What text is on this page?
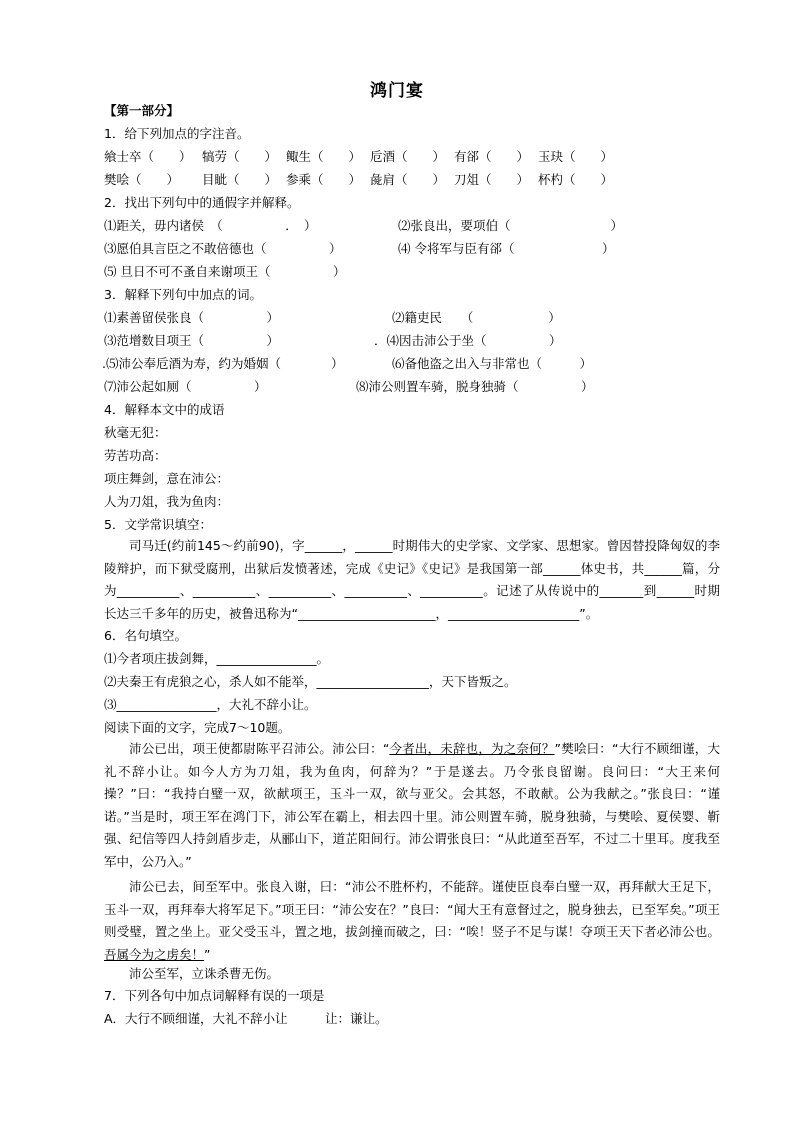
鸿门宴
【第一部分】
1．给下列加点的字注音。
飨士卒（　　） 犒劳（　　） 鲰生（　　） 卮酒（　　） 有郤（　　） 玉玦（　　）
樊哙（　　） 目眦（　　） 参乘（　　） 彘肩（　　） 刀俎（　　） 杯杓（　　）
2．找出下列句中的通假字并解释。
⑴距关，毋内诸侯　（　　　　　．　）	⑵张良出，要项伯（　　　　　　　　）
⑶愿伯具言臣之不敢倍德也（　　　　　）	⑷ 令将军与臣有郤（　　　　　　　）
⑸ 旦日不可不蚤自来谢项王（　　　　　）
3．解释下列句中加点的词。
⑴素善留侯张良（　　　　　）	⑵籍吏民　　（　　　　　　）
⑶范增数目项王（　　　　　）	．⑷因击沛公于坐（　　　　　）
.⑸沛公奉卮酒为寿，约为婚姻（　　　　）	⑹备他盗之出入与非常也（　　　）
⑺沛公起如厕（　　　　　）	⑻沛公则置车骑，脱身独骑（　　　　　）
4．解释本文中的成语
秋毫无犯：
劳苦功高：
项庄舞剑，意在沛公：
人为刀俎，我为鱼肉：
5．文学常识填空：
司马迁(约前145～约前90)，字______，______时期伟大的史学家、文学家、思想家。曾因替投降匈奴的李陵辩护，而下狱受腐刑，出狱后发愤著述，完成《史记》《史记》是我国第一部______体史书，共______篇，分为__________、__________、__________、__________、__________。记述了从传说中的_______到______时期长达三千多年的历史，被鲁迅称为“______________________，_____________________”。
6．名句填空。
⑴今者项庄拔剑舞，________________。
⑵夫秦王有虎狼之心，杀人如不能举，__________________，天下皆叛之。
⑶________________，大礼不辞小让。
阅读下面的文字，完成7～10题。
沛公已出，项王使都尉陈平召沛公。沛公曰：“今者出，未辞也，为之奈何？”樊哙曰：“大行不顾细谨，大礼不辞小让。如今人方为刀俎，我为鱼肉，何辞为？”于是遂去。乃令张良留谢。良问曰：“大王来何操？”曰：“我持白璧一双，欲献项王，玉斗一双，欲与亚父。会其怒，不敢献。公为我献之。”张良曰：“谨诺。”当是时，项王军在鸿门下，沛公军在霸上，相去四十里。沛公则置车骑，脱身独骑，与樊哙、夏侯婴、靳强、纪信等四人持剑盾步走，从郦山下，道芷阳间行。沛公谓张良曰：“从此道至吾军，不过二十里耳。度我至军中，公乃入。”
沛公已去，间至军中。张良入谢，曰：“沛公不胜杯杓，不能辞。谨使臣良奉白璧一双，再拜献大王足下，玉斗一双，再拜奉大将军足下。”项王曰：“沛公安在？”良曰：“闻大王有意督过之，脱身独去，已至军矣。”项王则受璧，置之坐上。亚父受玉斗，置之地，拔剑撞而破之，曰：“唉！竖子不足与谋！夺项王天下者必沛公也。吾属今为之虏矣！”
沛公至军，立诛杀曹无伤。
7．下列各句中加点词解释有误的一项是
A．大行不顾细谨，大礼不辞小让　　　让：谦让。
